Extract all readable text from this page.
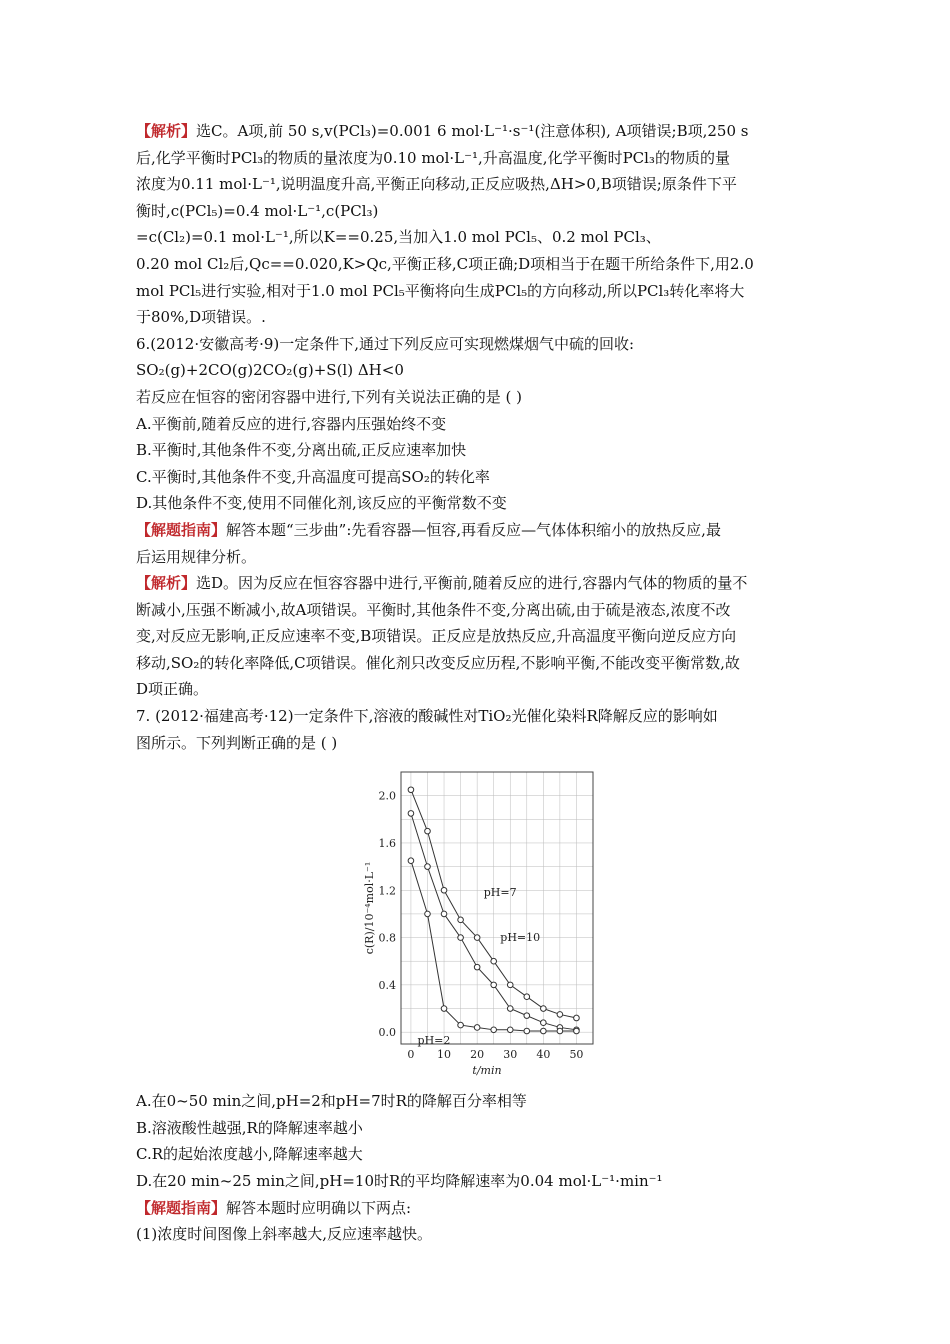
【解析】选C。A项,前 50 s,v(PCl₃)=0.001 6 mol·L⁻¹·s⁻¹(注意体积), A项错误;B项,250 s
后,化学平衡时PCl₃的物质的量浓度为0.10 mol·L⁻¹,升高温度,化学平衡时PCl₃的物质的量
浓度为0.11 mol·L⁻¹,说明温度升高,平衡正向移动,正反应吸热,ΔH>0,B项错误;原条件下平
衡时,c(PCl₅)=0.4 mol·L⁻¹,c(PCl₃)
=c(Cl₂)=0.1 mol·L⁻¹,所以K==0.25,当加入1.0 mol PCl₅、0.2 mol PCl₃、
0.20 mol Cl₂后,Qc==0.020,K>Qc,平衡正移,C项正确;D项相当于在题干所给条件下,用2.0
mol PCl₅进行实验,相对于1.0 mol PCl₅平衡将向生成PCl₅的方向移动,所以PCl₃转化率将大
于80%,D项错误。.
6.(2012·安徽高考·9)一定条件下,通过下列反应可实现燃煤烟气中硫的回收:
SO₂(g)+2CO(g)2CO₂(g)+S(l) ΔH<0
若反应在恒容的密闭容器中进行,下列有关说法正确的是 ( )
A.平衡前,随着反应的进行,容器内压强始终不变
B.平衡时,其他条件不变,分离出硫,正反应速率加快
C.平衡时,其他条件不变,升高温度可提高SO₂的转化率
D.其他条件不变,使用不同催化剂,该反应的平衡常数不变
【解题指南】解答本题“三步曲”:先看容器—恒容,再看反应—气体体积缩小的放热反应,最
后运用规律分析。
【解析】选D。因为反应在恒容容器中进行,平衡前,随着反应的进行,容器内气体的物质的量不
断减小,压强不断减小,故A项错误。平衡时,其他条件不变,分离出硫,由于硫是液态,浓度不改
变,对反应无影响,正反应速率不变,B项错误。正反应是放热反应,升高温度平衡向逆反应方向
移动,SO₂的转化率降低,C项错误。催化剂只改变反应历程,不影响平衡,不能改变平衡常数,故
D项正确。
7. (2012·福建高考·12)一定条件下,溶液的酸碱性对TiO₂光催化染料R降解反应的影响如
图所示。下列判断正确的是 ( )
0 10 20 30 40 50
0.0
0.4
0.8
1.2
1.6
2.0
t/min
c(R)/10⁻⁴mol·L⁻¹	pH=7
pH=10
pH=2
A.在0~50 min之间,pH=2和pH=7时R的降解百分率相等
B.溶液酸性越强,R的降解速率越小
C.R的起始浓度越小,降解速率越大
D.在20 min~25 min之间,pH=10时R的平均降解速率为0.04 mol·L⁻¹·min⁻¹
【解题指南】解答本题时应明确以下两点:
(1)浓度时间图像上斜率越大,反应速率越快。
